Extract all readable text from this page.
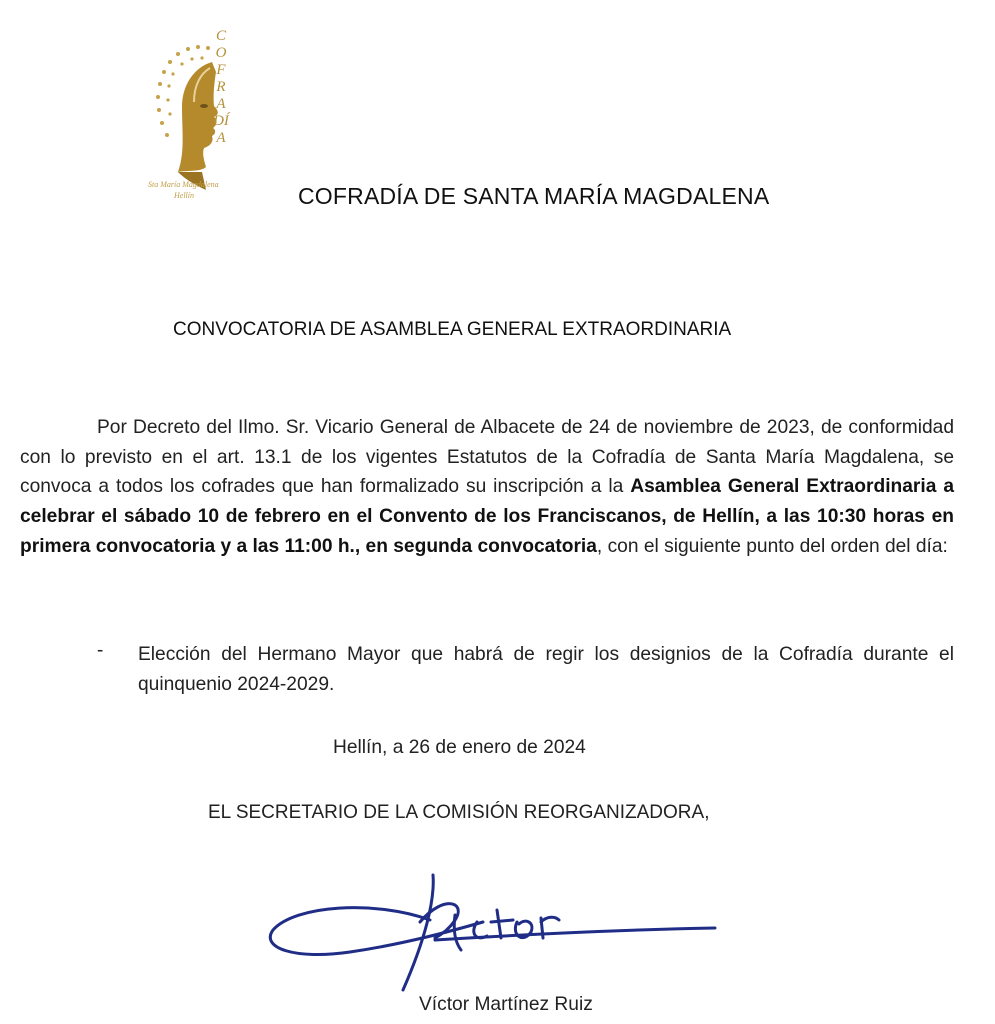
COFRADÍA
Sta María Magdalena
Hellín	COFRADÍA DE SANTA MARÍA MAGDALENA
CONVOCATORIA DE ASAMBLEA GENERAL EXTRAORDINARIA
Por Decreto del Ilmo. Sr. Vicario General de Albacete de 24 de noviembre de 2023, de conformidad con lo previsto en el art. 13.1 de los vigentes Estatutos de la Cofradía de Santa María Magdalena, se convoca a todos los cofrades que han formalizado su inscripción a la Asamblea General Extraordinaria a celebrar el sábado 10 de febrero en el Convento de los Franciscanos, de Hellín, a las 10:30 horas en primera convocatoria y a las 11:00 h., en segunda convocatoria, con el siguiente punto del orden del día:
- Elección del Hermano Mayor que habrá de regir los designios de la Cofradía durante el quinquenio 2024-2029.
Hellín, a 26 de enero de 2024
EL SECRETARIO DE LA COMISIÓN REORGANIZADORA,
Víctor Martínez Ruiz
